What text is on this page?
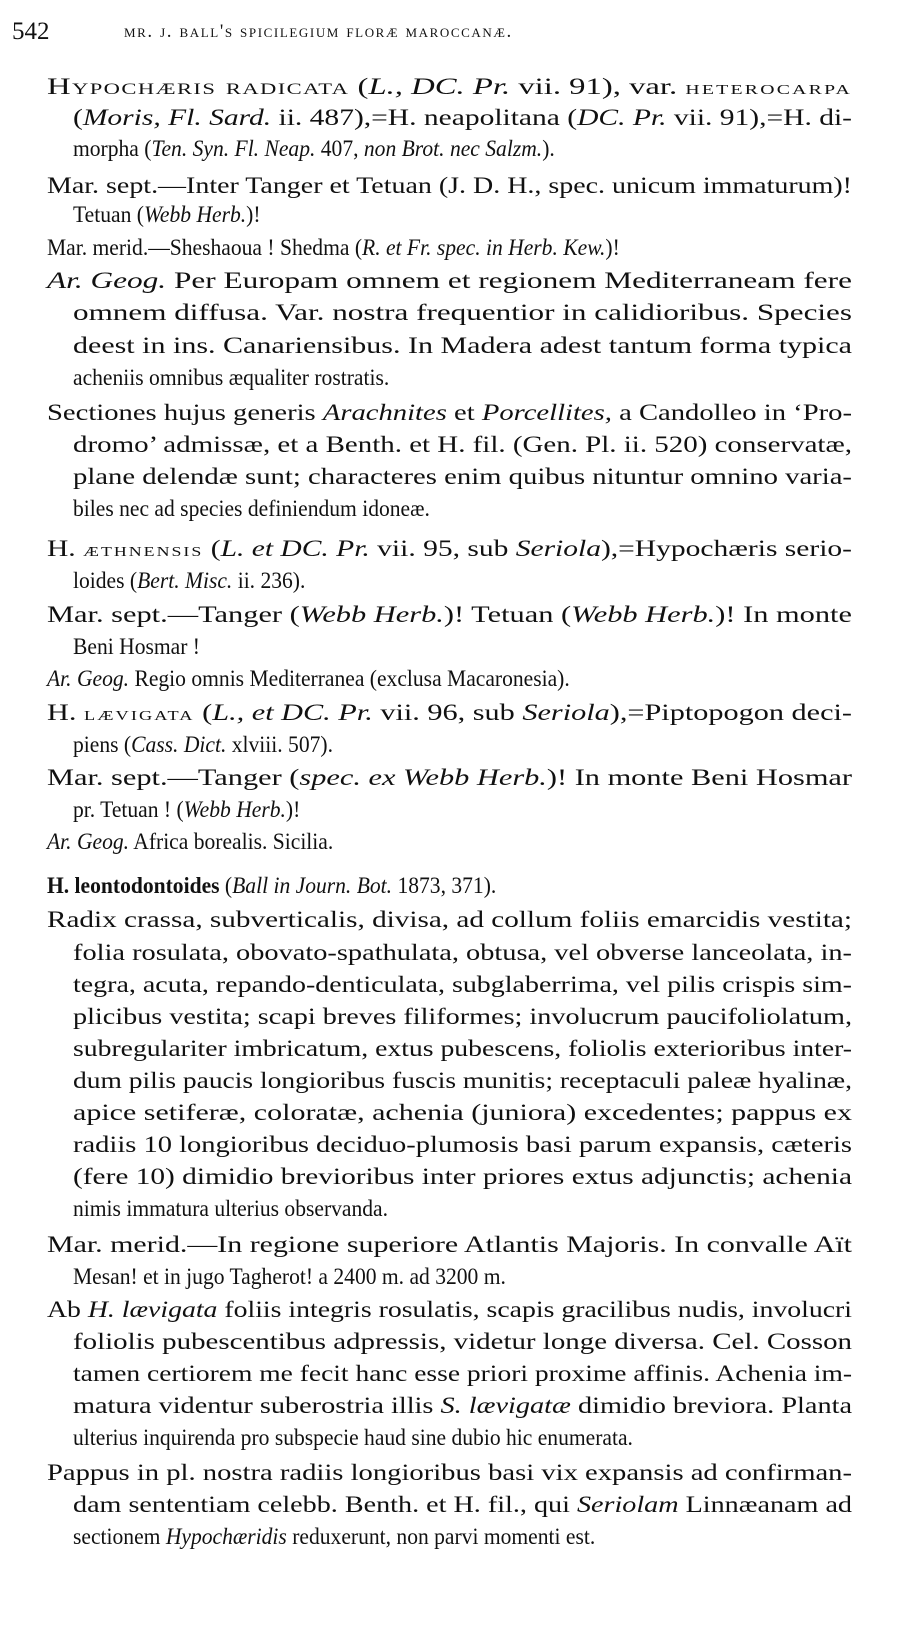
542	mr. j. ball's spicilegium floræ maroccanæ.
Hypochæris radicata (L., DC. Pr. vii. 91), var. heterocarpa
(Moris, Fl. Sard. ii. 487),=H. neapolitana (DC. Pr. vii. 91),=H. di-
morpha (Ten. Syn. Fl. Neap. 407, non Brot. nec Salzm.).
Mar. sept.—Inter Tanger et Tetuan (J. D. H., spec. unicum immaturum)!
Tetuan (Webb Herb.)!
Mar. merid.—Sheshaoua ! Shedma (R. et Fr. spec. in Herb. Kew.)!
Ar. Geog. Per Europam omnem et regionem Mediterraneam fere
omnem diffusa. Var. nostra frequentior in calidioribus. Species
deest in ins. Canariensibus. In Madera adest tantum forma typica
acheniis omnibus æqualiter rostratis.
Sectiones hujus generis Arachnites et Porcellites, a Candolleo in ‘Pro-
dromo’ admissæ, et a Benth. et H. fil. (Gen. Pl. ii. 520) conservatæ,
plane delendæ sunt; characteres enim quibus nituntur omnino varia-
biles nec ad species definiendum idoneæ.
H. æthnensis (L. et DC. Pr. vii. 95, sub Seriola),=Hypochæris serio-
loides (Bert. Misc. ii. 236).
Mar. sept.—Tanger (Webb Herb.)! Tetuan (Webb Herb.)! In monte
Beni Hosmar !
Ar. Geog. Regio omnis Mediterranea (exclusa Macaronesia).
H. lævigata (L., et DC. Pr. vii. 96, sub Seriola),=Piptopogon deci-
piens (Cass. Dict. xlviii. 507).
Mar. sept.—Tanger (spec. ex Webb Herb.)! In monte Beni Hosmar
pr. Tetuan ! (Webb Herb.)!
Ar. Geog. Africa borealis. Sicilia.
H. leontodontoides (Ball in Journ. Bot. 1873, 371).
Radix crassa, subverticalis, divisa, ad collum foliis emarcidis vestita;
folia rosulata, obovato-spathulata, obtusa, vel obverse lanceolata, in-
tegra, acuta, repando-denticulata, subglaberrima, vel pilis crispis sim-
plicibus vestita; scapi breves filiformes; involucrum paucifoliolatum,
subregulariter imbricatum, extus pubescens, foliolis exterioribus inter-
dum pilis paucis longioribus fuscis munitis; receptaculi paleæ hyalinæ,
apice setiferæ, coloratæ, achenia (juniora) excedentes; pappus ex
radiis 10 longioribus deciduo-plumosis basi parum expansis, cæteris
(fere 10) dimidio brevioribus inter priores extus adjunctis; achenia
nimis immatura ulterius observanda.
Mar. merid.—In regione superiore Atlantis Majoris. In convalle Aït
Mesan! et in jugo Tagherot! a 2400 m. ad 3200 m.
Ab H. lævigata foliis integris rosulatis, scapis gracilibus nudis, involucri
foliolis pubescentibus adpressis, videtur longe diversa. Cel. Cosson
tamen certiorem me fecit hanc esse priori proxime affinis. Achenia im-
matura videntur suberostria illis S. lævigatæ dimidio breviora. Planta
ulterius inquirenda pro subspecie haud sine dubio hic enumerata.
Pappus in pl. nostra radiis longioribus basi vix expansis ad confirman-
dam sententiam celebb. Benth. et H. fil., qui Seriolam Linnæanam ad
sectionem Hypochæridis reduxerunt, non parvi momenti est.
